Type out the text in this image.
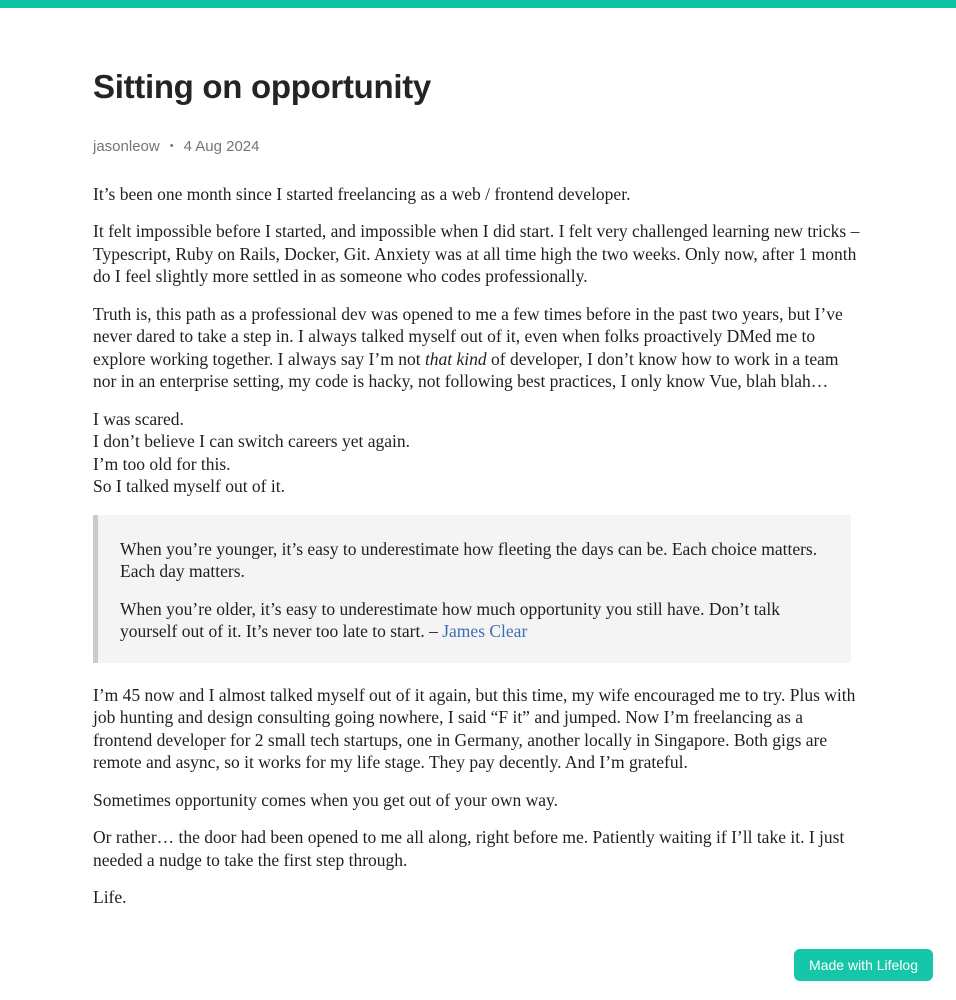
Sitting on opportunity
jasonleow • 4 Aug 2024

It’s been one month since I started freelancing as a web / frontend developer.

It felt impossible before I started, and impossible when I did start. I felt very challenged learning new tricks – Typescript, Ruby on Rails, Docker, Git. Anxiety was at all time high the two weeks. Only now, after 1 month do I feel slightly more settled in as someone who codes professionally.

Truth is, this path as a professional dev was opened to me a few times before in the past two years, but I’ve never dared to take a step in. I always talked myself out of it, even when folks proactively DMed me to explore working together. I always say I’m not that kind of developer, I don’t know how to work in a team nor in an enterprise setting, my code is hacky, not following best practices, I only know Vue, blah blah…

I was scared.
I don’t believe I can switch careers yet again.
I’m too old for this.
So I talked myself out of it.

When you’re younger, it’s easy to underestimate how fleeting the days can be. Each choice matters. Each day matters.

When you’re older, it’s easy to underestimate how much opportunity you still have. Don’t talk yourself out of it. It’s never too late to start. – James Clear

I’m 45 now and I almost talked myself out of it again, but this time, my wife encouraged me to try. Plus with job hunting and design consulting going nowhere, I said “F it” and jumped. Now I’m freelancing as a frontend developer for 2 small tech startups, one in Germany, another locally in Singapore. Both gigs are remote and async, so it works for my life stage. They pay decently. And I’m grateful.

Sometimes opportunity comes when you get out of your own way.

Or rather… the door had been opened to me all along, right before me. Patiently waiting if I’ll take it. I just needed a nudge to take the first step through.

Life.

Made with Lifelog
